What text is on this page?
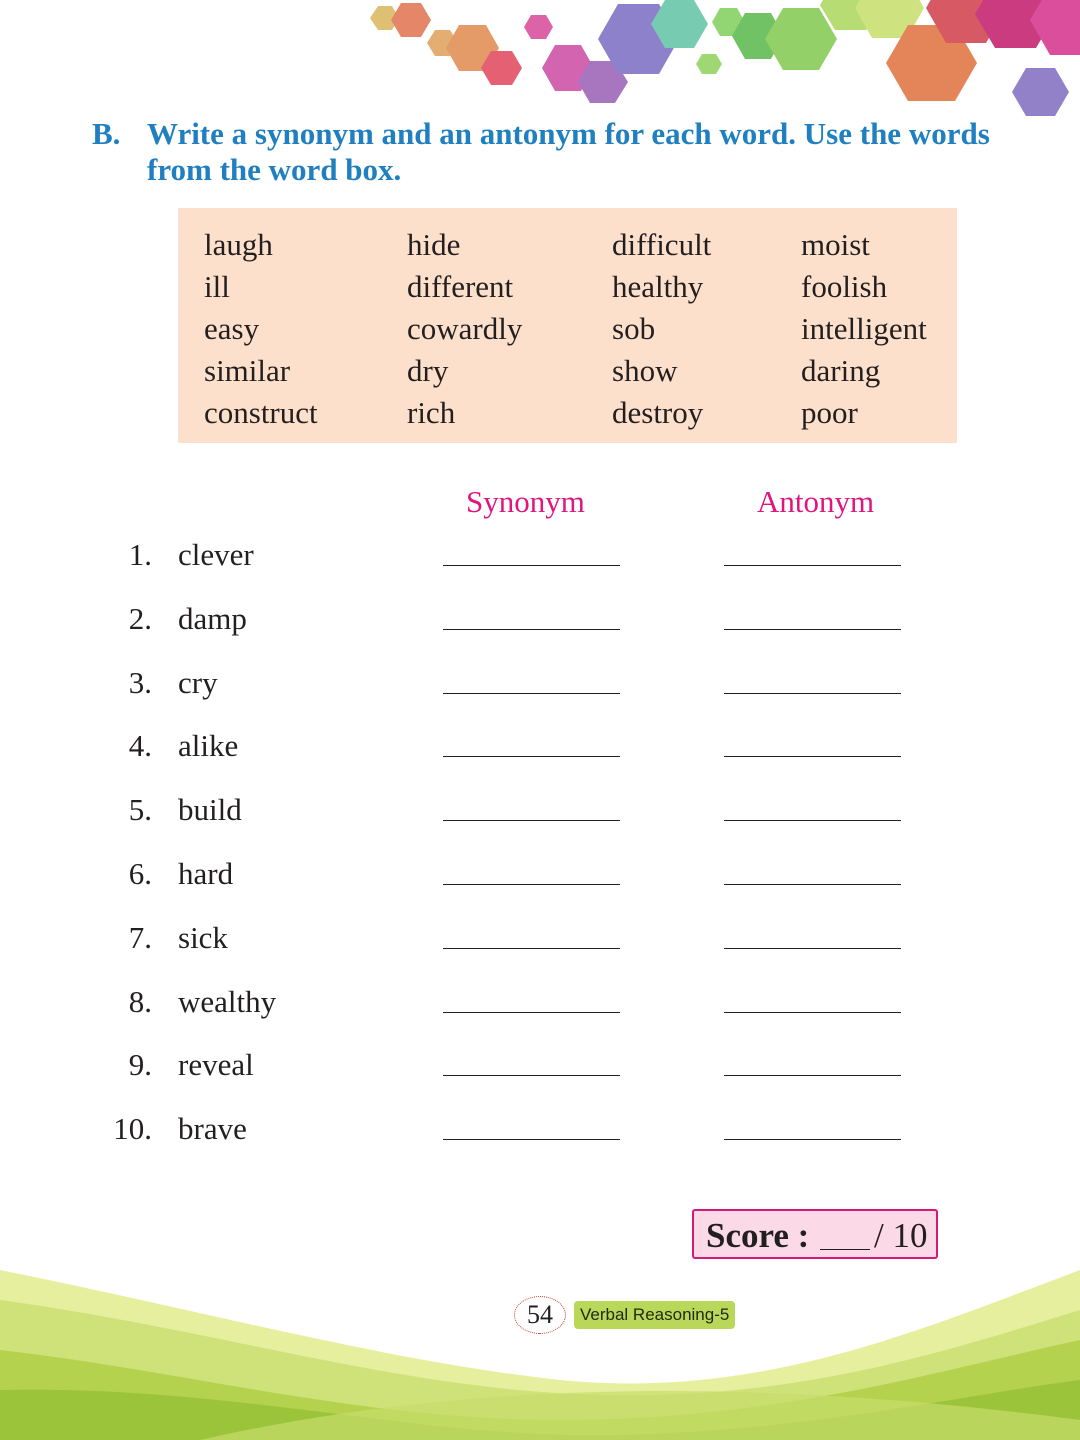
B. Write a synonym and an antonym for each word. Use the words from the word box.
laugh
ill
easy
similar
construct
hide
different
cowardly
dry
rich
difficult
healthy
sob
show
destroy
moist
foolish
intelligent
daring
poor
Synonym	Antonym
1. clever
2. damp
3. cry
4. alike
5. build
6. hard
7. sick
8. wealthy
9. reveal
10. brave
Score : / 10
54	Verbal Reasoning-5
